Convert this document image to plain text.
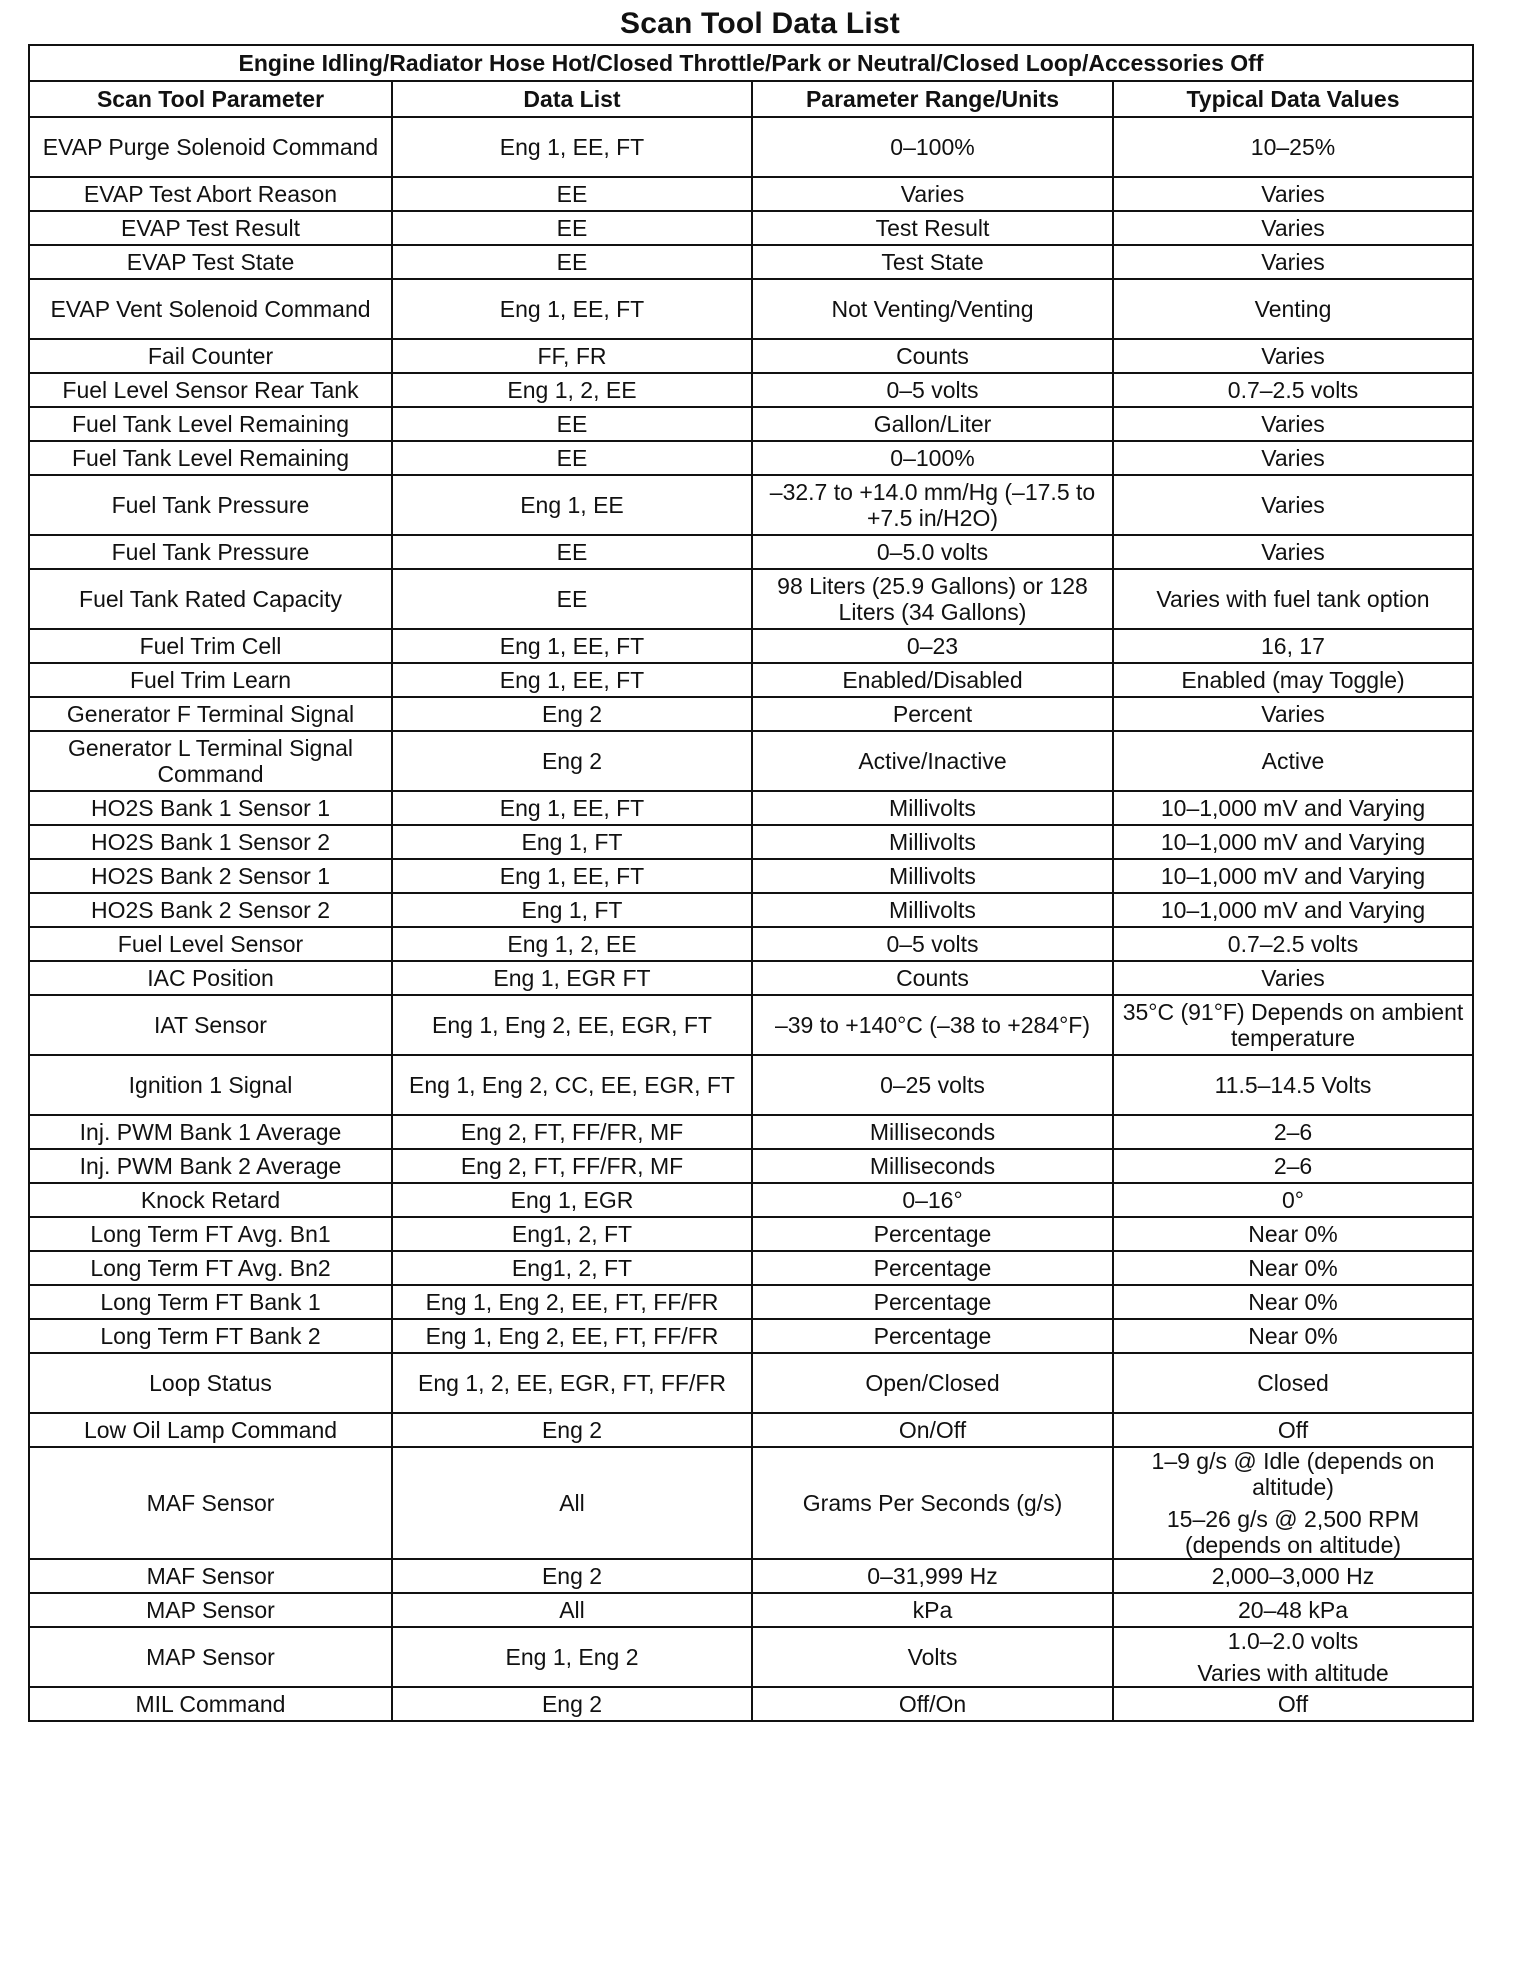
Scan Tool Data List
Engine Idling/Radiator Hose Hot/Closed Throttle/Park or Neutral/Closed Loop/Accessories Off			
Scan Tool Parameter	Data List	Parameter Range/Units	Typical Data Values
EVAP Purge Solenoid Command	Eng 1, EE, FT	0–100%	10–25%
EVAP Test Abort Reason	EE	Varies	Varies
EVAP Test Result	EE	Test Result	Varies
EVAP Test State	EE	Test State	Varies
EVAP Vent Solenoid Command	Eng 1, EE, FT	Not Venting/Venting	Venting
Fail Counter	FF, FR	Counts	Varies
Fuel Level Sensor Rear Tank	Eng 1, 2, EE	0–5 volts	0.7–2.5 volts
Fuel Tank Level Remaining	EE	Gallon/Liter	Varies
Fuel Tank Level Remaining	EE	0–100%	Varies
Fuel Tank Pressure	Eng 1, EE	–32.7 to +14.0 mm/Hg (–17.5 to +7.5 in/H2O)	Varies
Fuel Tank Pressure	EE	0–5.0 volts	Varies
Fuel Tank Rated Capacity	EE	98 Liters (25.9 Gallons) or 128 Liters (34 Gallons)	Varies with fuel tank option
Fuel Trim Cell	Eng 1, EE, FT	0–23	16, 17
Fuel Trim Learn	Eng 1, EE, FT	Enabled/Disabled	Enabled (may Toggle)
Generator F Terminal Signal	Eng 2	Percent	Varies
Generator L Terminal Signal Command	Eng 2	Active/Inactive	Active
HO2S Bank 1 Sensor 1	Eng 1, EE, FT	Millivolts	10–1,000 mV and Varying
HO2S Bank 1 Sensor 2	Eng 1, FT	Millivolts	10–1,000 mV and Varying
HO2S Bank 2 Sensor 1	Eng 1, EE, FT	Millivolts	10–1,000 mV and Varying
HO2S Bank 2 Sensor 2	Eng 1, FT	Millivolts	10–1,000 mV and Varying
Fuel Level Sensor	Eng 1, 2, EE	0–5 volts	0.7–2.5 volts
IAC Position	Eng 1, EGR FT	Counts	Varies
IAT Sensor	Eng 1, Eng 2, EE, EGR, FT	–39 to +140°C (–38 to +284°F)	35°C (91°F) Depends on ambient temperature
Ignition 1 Signal	Eng 1, Eng 2, CC, EE, EGR, FT	0–25 volts	11.5–14.5 Volts
Inj. PWM Bank 1 Average	Eng 2, FT, FF/FR, MF	Milliseconds	2–6
Inj. PWM Bank 2 Average	Eng 2, FT, FF/FR, MF	Milliseconds	2–6
Knock Retard	Eng 1, EGR	0–16°	0°
Long Term FT Avg. Bn1	Eng1, 2, FT	Percentage	Near 0%
Long Term FT Avg. Bn2	Eng1, 2, FT	Percentage	Near 0%
Long Term FT Bank 1	Eng 1, Eng 2, EE, FT, FF/FR	Percentage	Near 0%
Long Term FT Bank 2	Eng 1, Eng 2, EE, FT, FF/FR	Percentage	Near 0%
Loop Status	Eng 1, 2, EE, EGR, FT, FF/FR	Open/Closed	Closed
Low Oil Lamp Command	Eng 2	On/Off	Off
MAF Sensor	All	Grams Per Seconds (g/s)	1–9 g/s @ Idle (depends on altitude)
15–26 g/s @ 2,500 RPM (depends on altitude)

MAF Sensor	Eng 2	0–31,999 Hz	2,000–3,000 Hz
MAP Sensor	All	kPa	20–48 kPa
MAP Sensor	Eng 1, Eng 2	Volts	1.0–2.0 volts
Varies with altitude

MIL Command	Eng 2	Off/On	Off
